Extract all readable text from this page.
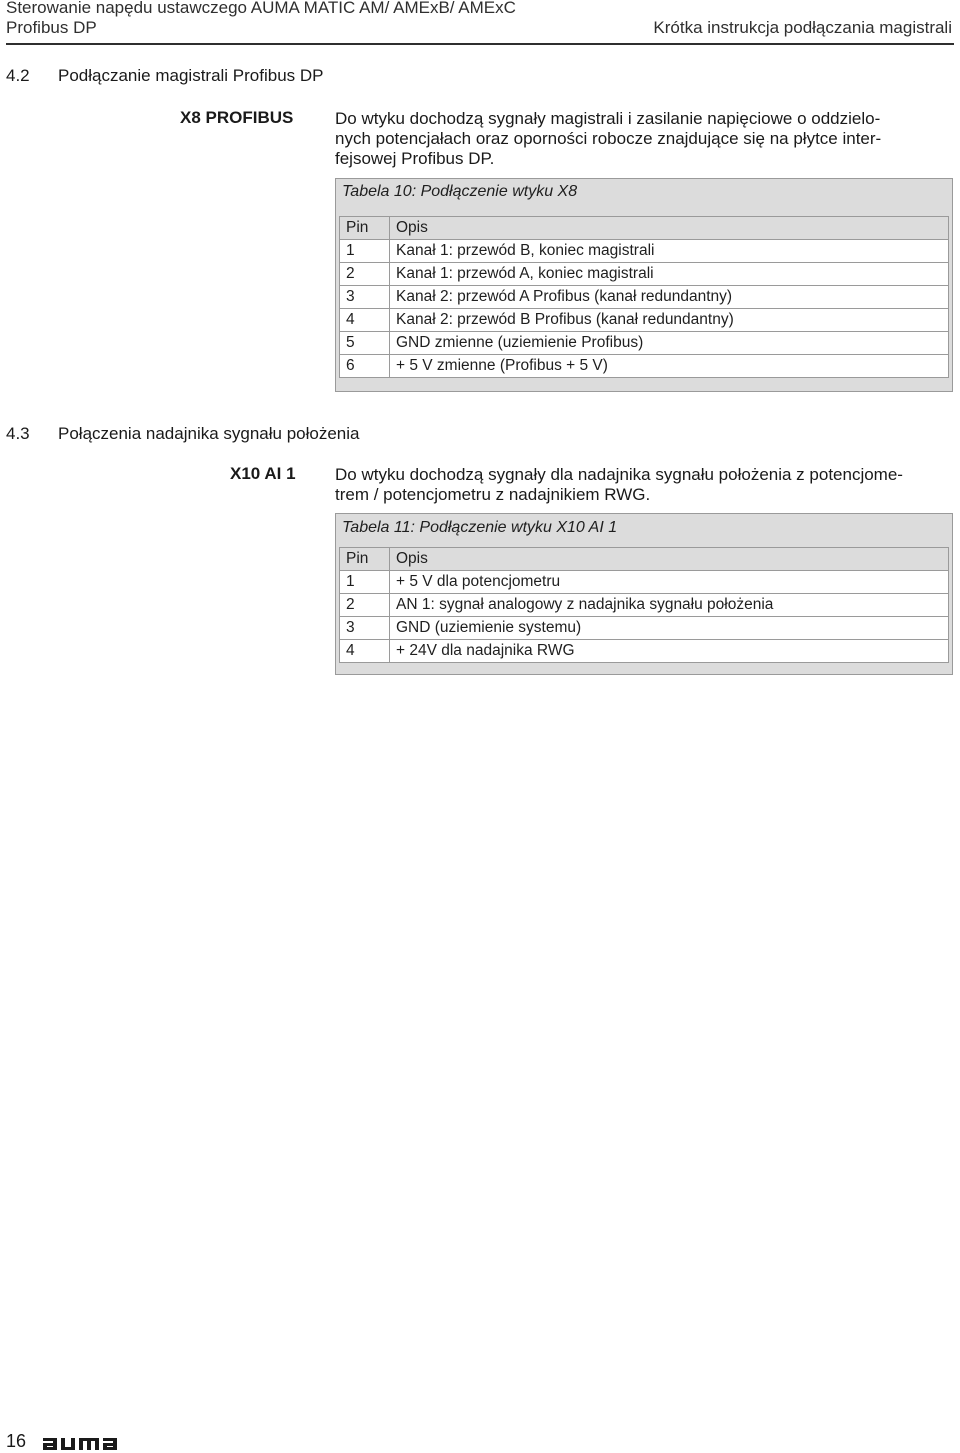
Sterowanie napędu ustawczego AUMA MATIC AM/ AMExB/ AMExC
Profibus DP	Krótka instrukcja podłączania magistrali
4.2 Podłączanie magistrali Profibus DP
X8 PROFIBUS Do wtyku dochodzą sygnały magistrali i zasilanie napięciowe o oddzielo-
nych potencjałach oraz oporności robocze znajdujące się na płytce inter-
fejsowej Profibus DP.
Tabela 10: Podłączenie wtyku X8
Pin	Opis
1	Kanał 1: przewód B, koniec magistrali
2	Kanał 1: przewód A, koniec magistrali
3	Kanał 2: przewód A Profibus (kanał redundantny)
4	Kanał 2: przewód B Profibus (kanał redundantny)
5	GND zmienne (uziemienie Profibus)
6	+ 5 V zmienne (Profibus + 5 V)
4.3 Połączenia nadajnika sygnału położenia
X10 AI 1 Do wtyku dochodzą sygnały dla nadajnika sygnału położenia z potencjome-
trem / potencjometru z nadajnikiem RWG.
Tabela 11: Podłączenie wtyku X10 AI 1
Pin	Opis
1	+ 5 V dla potencjometru
2	AN 1: sygnał analogowy z nadajnika sygnału położenia
3	GND (uziemienie systemu)
4	+ 24V dla nadajnika RWG
16
